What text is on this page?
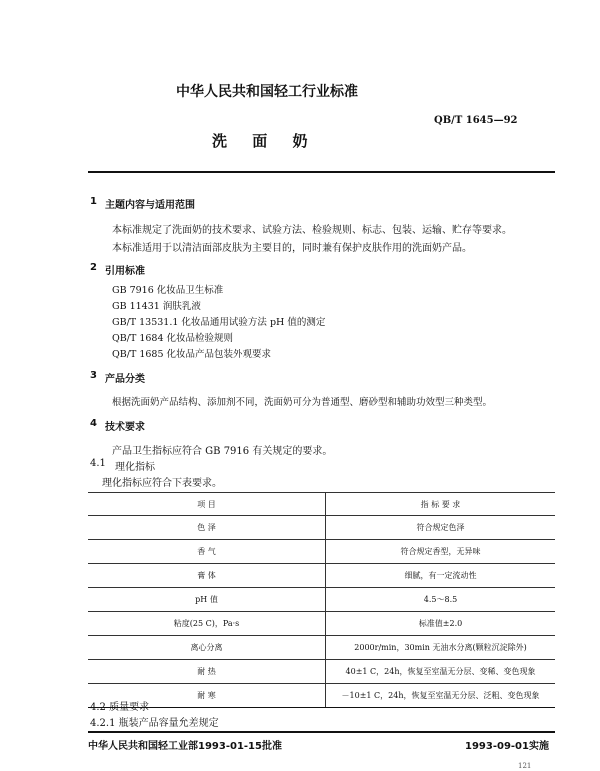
中华人民共和国轻工行业标准
QB/T 1645—92
洗 面 奶
1 主题内容与适用范围
本标准规定了洗面奶的技术要求、试验方法、检验规则、标志、包装、运输、贮存等要求。
本标准适用于以清洁面部皮肤为主要目的，同时兼有保护皮肤作用的洗面奶产品。
2 引用标准
GB 7916 化妆品卫生标准
GB 11431 润肤乳液
GB/T 13531.1 化妆品通用试验方法 pH 值的测定
QB/T 1684 化妆品检验规则
QB/T 1685 化妆品产品包装外观要求
3 产品分类
根据洗面奶产品结构、添加剂不同，洗面奶可分为普通型、磨砂型和辅助功效型三种类型。
4 技术要求
产品卫生指标应符合 GB 7916 有关规定的要求。
4.1 理化指标
理化指标应符合下表要求。
项 目	指 标 要 求
色 泽	符合规定色泽
香 气	符合规定香型，无异味
膏 体	细腻，有一定流动性
pH 值	4.5～8.5
粘度(25 C)，Pa·s	标准值±2.0
离心分离	2000r/min，30min 无油水分离(颗粒沉淀除外)
耐 热	40±1 C，24h，恢复至室温无分层、变稀、变色现象
耐 寒	－10±1 C，24h，恢复至室温无分层、泛粗、变色现象
4.2 质量要求
4.2.1 瓶装产品容量允差规定
中华人民共和国轻工业部1993-01-15批准	1993-09-01实施
121
